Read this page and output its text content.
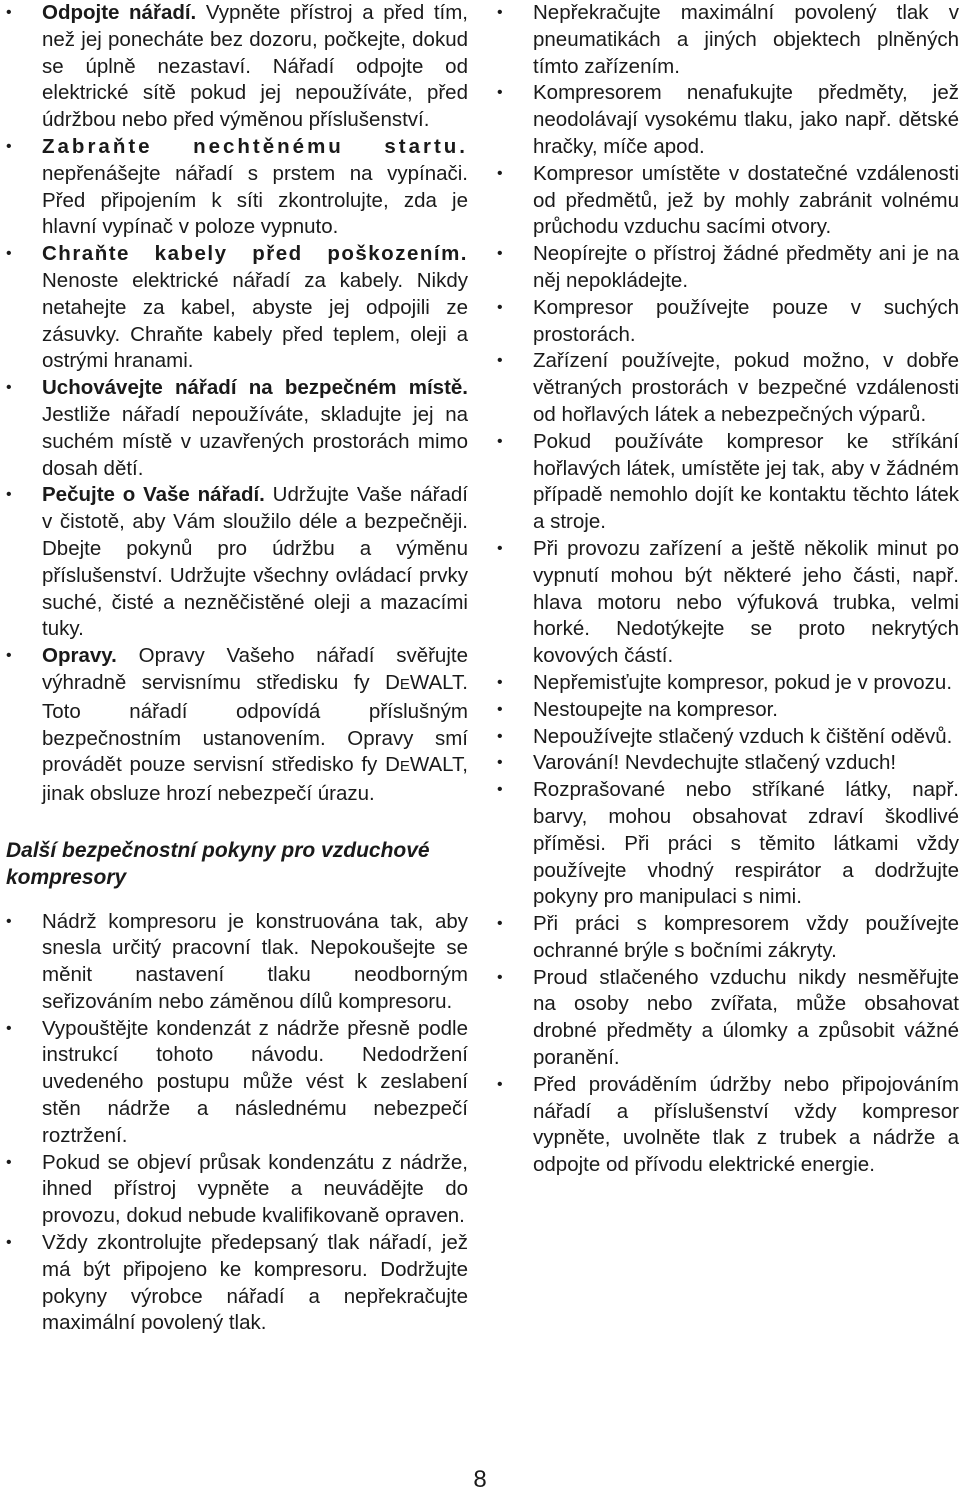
• Odpojte nářadí. Vypněte přístroj a před tím, než jej ponecháte bez dozoru, počkejte, dokud se úplně nezastaví. Nářadí odpojte od elektrické sítě pokud jej nepoužíváte, před údržbou nebo před výměnou příslušenství.
• Zabraňte nechtěnému startu. nepřenášejte nářadí s prstem na vypínači. Před připojením k síti zkontrolujte, zda je hlavní vypínač v poloze vypnuto.
• Chraňte kabely před poškozením. Nenoste elektrické nářadí za kabely. Nikdy netahejte za kabel, abyste jej odpojili ze zásuvky. Chraňte kabely před teplem, oleji a ostrými hranami.
• Uchovávejte nářadí na bezpečném místě. Jestliže nářadí nepoužíváte, skladujte jej na suchém místě v uzavřených prostorách mimo dosah dětí.
• Pečujte o Vaše nářadí. Udržujte Vaše nářadí v čistotě, aby Vám sloužilo déle a bezpečněji. Dbejte pokynů pro údržbu a výměnu příslušenství. Udržujte všechny ovládací prvky suché, čisté a nezněčistěné oleji a mazacími tuky.
• Opravy. Opravy Vašeho nářadí svěřujte výhradně servisnímu středisku fy DEWALT. Toto nářadí odpovídá příslušným bezpečnostním ustanovením. Opravy smí provádět pouze servisní středisko fy DEWALT, jinak obsluze hrozí nebezpečí úrazu.
Další bezpečnostní pokyny pro vzduchové kompresory
• Nádrž kompresoru je konstruována tak, aby snesla určitý pracovní tlak. Nepokoušejte se měnit nastavení tlaku neodborným seřizováním nebo záměnou dílů kompresoru.
• Vypouštějte kondenzát z nádrže přesně podle instrukcí tohoto návodu. Nedodržení uvedeného postupu může vést k zeslabení stěn nádrže a následnému nebezpečí roztržení.
• Pokud se objeví průsak kondenzátu z nádrže, ihned přístroj vypněte a neuvádějte do provozu, dokud nebude kvalifikovaně opraven.
• Vždy zkontrolujte předepsaný tlak nářadí, jež má být připojeno ke kompresoru. Dodržujte pokyny výrobce nářadí a nepřekračujte maximální povolený tlak.
• Nepřekračujte maximální povolený tlak v pneumatikách a jiných objektech plněných tímto zařízením.
• Kompresorem nenafukujte předměty, jež neodolávají vysokému tlaku, jako např. dětské hračky, míče apod.
• Kompresor umístěte v dostatečné vzdálenosti od předmětů, jež by mohly zabránit volnému průchodu vzduchu sacími otvory.
• Neopírejte o přístroj žádné předměty ani je na něj nepokládejte.
• Kompresor používejte pouze v suchých prostorách.
• Zařízení používejte, pokud možno, v dobře větraných prostorách v bezpečné vzdálenosti od hořlavých látek a nebezpečných výparů.
• Pokud používáte kompresor ke stříkání hořlavých látek, umístěte jej tak, aby v žádném případě nemohlo dojít ke kontaktu těchto látek a stroje.
• Při provozu zařízení a ještě několik minut po vypnutí mohou být některé jeho části, např. hlava motoru nebo výfuková trubka, velmi horké. Nedotýkejte se proto nekrytých kovových částí.
• Nepřemisťujte kompresor, pokud je v provozu.
• Nestoupejte na kompresor.
• Nepoužívejte stlačený vzduch k čištění oděvů.
• Varování! Nevdechujte stlačený vzduch!
• Rozprašované nebo stříkané látky, např. barvy, mohou obsahovat zdraví škodlivé příměsi. Při práci s těmito látkami vždy používejte vhodný respirátor a dodržujte pokyny pro manipulaci s nimi.
• Při práci s kompresorem vždy používejte ochranné brýle s bočními zákryty.
• Proud stlačeného vzduchu nikdy nesměřujte na osoby nebo zvířata, může obsahovat drobné předměty a úlomky a způsobit vážné poranění.
• Před prováděním údržby nebo připojováním nářadí a příslušenství vždy kompresor vypněte, uvolněte tlak z trubek a nádrže a odpojte od přívodu elektrické energie.
8
